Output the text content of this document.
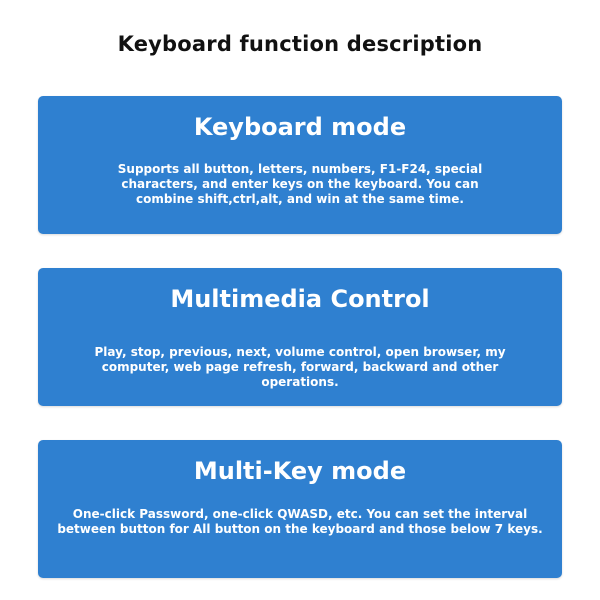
Keyboard function description
Keyboard mode
Supports all button, letters, numbers, F1-F24, special characters, and enter keys on the keyboard. You can combine shift,ctrl,alt, and win at the same time.
Multimedia Control
Play, stop, previous, next, volume control, open browser, my computer, web page refresh, forward, backward and other operations.
Multi-Key mode
One-click Password, one-click QWASD, etc. You can set the interval between button for All button on the keyboard and those below 7 keys.
